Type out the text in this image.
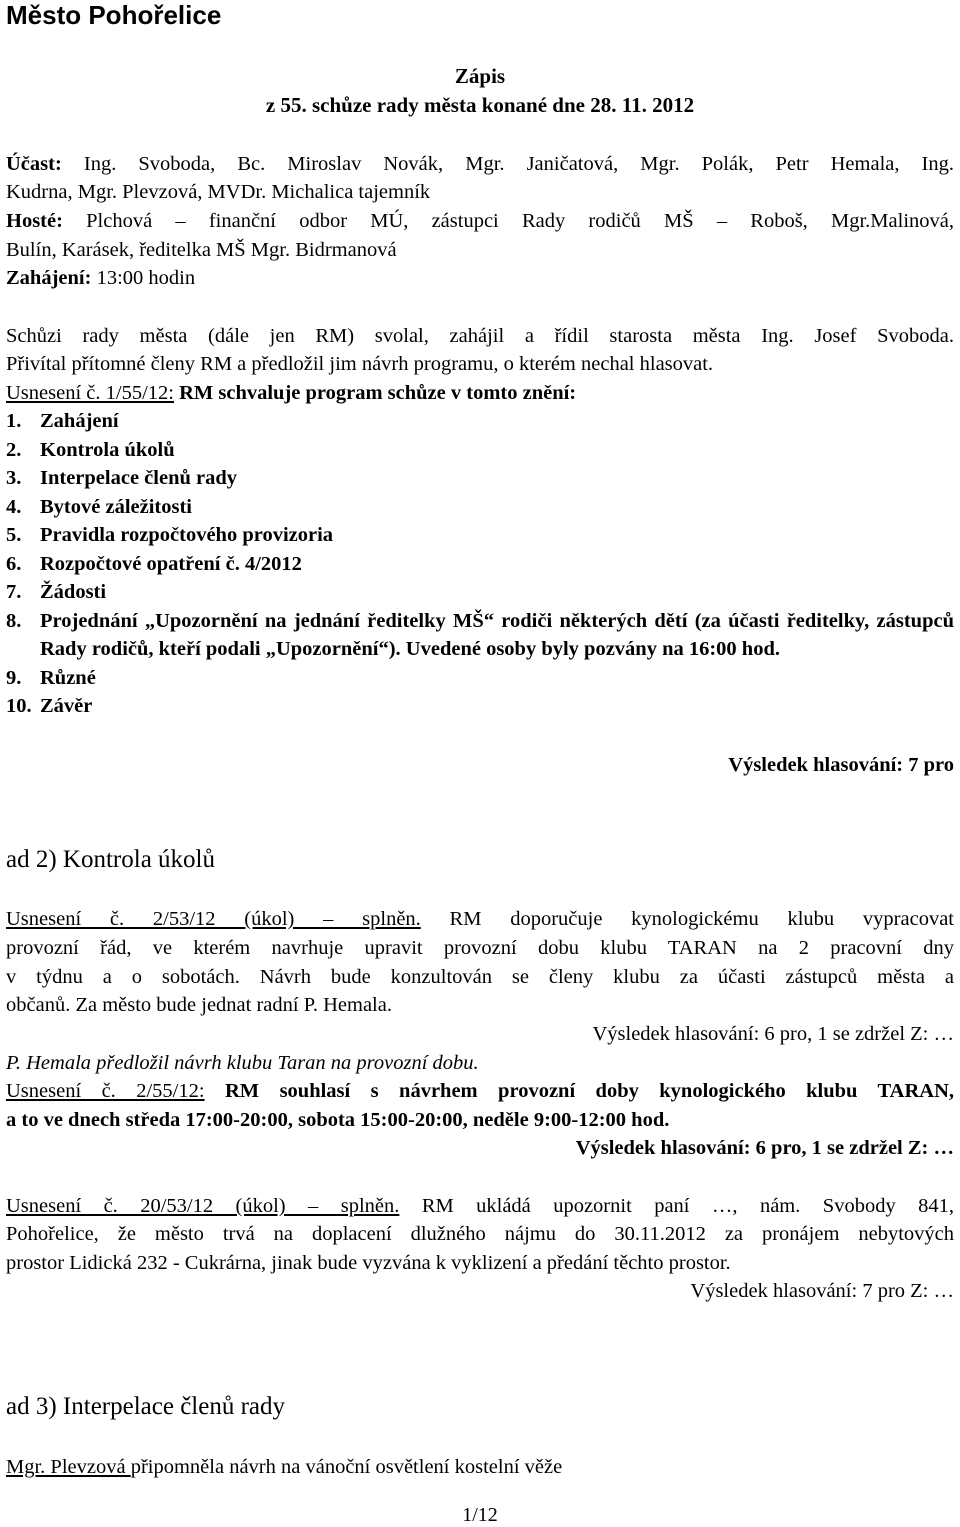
Město Pohořelice
Zápis
z 55. schůze rady města konané dne 28. 11. 2012
Účast: Ing. Svoboda, Bc. Miroslav Novák, Mgr. Janičatová, Mgr. Polák, Petr Hemala, Ing.
Kudrna, Mgr. Plevzová, MVDr. Michalica tajemník
Hosté: Plchová – finanční odbor MÚ, zástupci Rady rodičů MŠ – Roboš, Mgr.Malinová,
Bulín, Karásek, ředitelka MŠ Mgr. Bidrmanová
Zahájení: 13:00 hodin
Schůzi rady města (dále jen RM) svolal, zahájil a řídil starosta města Ing. Josef Svoboda.
Přivítal přítomné členy RM a předložil jim návrh programu, o kterém nechal hlasovat.
Usnesení č. 1/55/12: RM schvaluje program schůze v tomto znění:
1. Zahájení
2. Kontrola úkolů
3. Interpelace členů rady
4. Bytové záležitosti
5. Pravidla rozpočtového provizoria
6. Rozpočtové opatření č. 4/2012
7. Žádosti
8. Projednání „Upozornění na jednání ředitelky MŠ“ rodiči některých dětí (za účasti ředitelky, zástupců Rady rodičů, kteří podali „Upozornění“). Uvedené osoby byly pozvány na 16:00 hod.
9. Různé
10. Závěr
Výsledek hlasování: 7 pro
ad 2) Kontrola úkolů
Usnesení č. 2/53/12 (úkol) – splněn. RM doporučuje kynologickému klubu vypracovat
provozní řád, ve kterém navrhuje upravit provozní dobu klubu TARAN na 2 pracovní dny
v týdnu a o sobotách. Návrh bude konzultován se členy klubu za účasti zástupců města a
občanů. Za město bude jednat radní P. Hemala.
Výsledek hlasování: 6 pro, 1 se zdržel Z: …
P. Hemala předložil návrh klubu Taran na provozní dobu.
Usnesení č. 2/55/12: RM souhlasí s návrhem provozní doby kynologického klubu TARAN,
a to ve dnech středa 17:00-20:00, sobota 15:00-20:00, neděle 9:00-12:00 hod.
Výsledek hlasování: 6 pro, 1 se zdržel Z: …
Usnesení č. 20/53/12 (úkol) – splněn. RM ukládá upozornit paní …, nám. Svobody 841,
Pohořelice, že město trvá na doplacení dlužného nájmu do 30.11.2012 za pronájem nebytových
prostor Lidická 232 - Cukrárna, jinak bude vyzvána k vyklizení a předání těchto prostor.
Výsledek hlasování: 7 pro Z: …
ad 3) Interpelace členů rady
Mgr. Plevzová připomněla návrh na vánoční osvětlení kostelní věže
1/12
